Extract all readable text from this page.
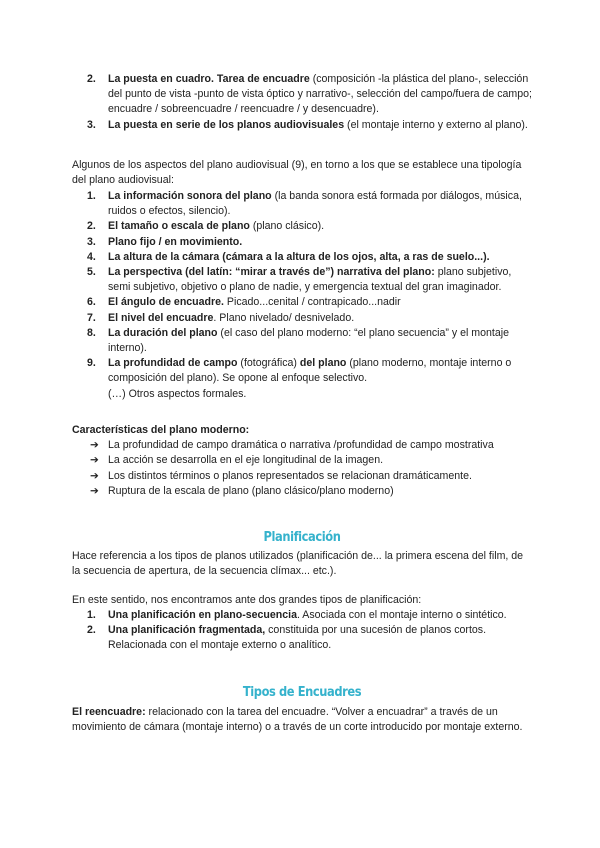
2. La puesta en cuadro. Tarea de encuadre (composición -la plástica del plano-, selección del punto de vista -punto de vista óptico y narrativo-, selección del campo/fuera de campo; encuadre / sobreencuadre / reencuadre / y desencuadre).
3. La puesta en serie de los planos audiovisuales (el montaje interno y externo al plano).
Algunos de los aspectos del plano audiovisual (9), en torno a los que se establece una tipología del plano audiovisual:
1. La información sonora del plano (la banda sonora está formada por diálogos, música, ruidos o efectos, silencio).
2. El tamaño o escala de plano (plano clásico).
3. Plano fijo / en movimiento.
4. La altura de la cámara (cámara a la altura de los ojos, alta, a ras de suelo...).
5. La perspectiva (del latín: “mirar a través de”) narrativa del plano: plano subjetivo, semi subjetivo, objetivo o plano de nadie, y emergencia textual del gran imaginador.
6. El ángulo de encuadre. Picado...cenital / contrapicado...nadir
7. El nivel del encuadre. Plano nivelado/ desnivelado.
8. La duración del plano (el caso del plano moderno: “el plano secuencia” y el montaje interno).
9. La profundidad de campo (fotográfica) del plano (plano moderno, montaje interno o composición del plano). Se opone al enfoque selectivo.
(…) Otros aspectos formales.
Características del plano moderno:
➔ La profundidad de campo dramática o narrativa /profundidad de campo mostrativa
➔ La acción se desarrolla en el eje longitudinal de la imagen.
➔ Los distintos términos o planos representados se relacionan dramáticamente.
➔ Ruptura de la escala de plano (plano clásico/plano moderno)
Planificación
Hace referencia a los tipos de planos utilizados (planificación de... la primera escena del film, de la secuencia de apertura, de la secuencia clímax... etc.).
En este sentido, nos encontramos ante dos grandes tipos de planificación:
1. Una planificación en plano-secuencia. Asociada con el montaje interno o sintético.
2. Una planificación fragmentada, constituida por una sucesión de planos cortos. Relacionada con el montaje externo o analítico.
Tipos de Encuadres
El reencuadre: relacionado con la tarea del encuadre. “Volver a encuadrar” a través de un movimiento de cámara (montaje interno) o a través de un corte introducido por montaje externo.
